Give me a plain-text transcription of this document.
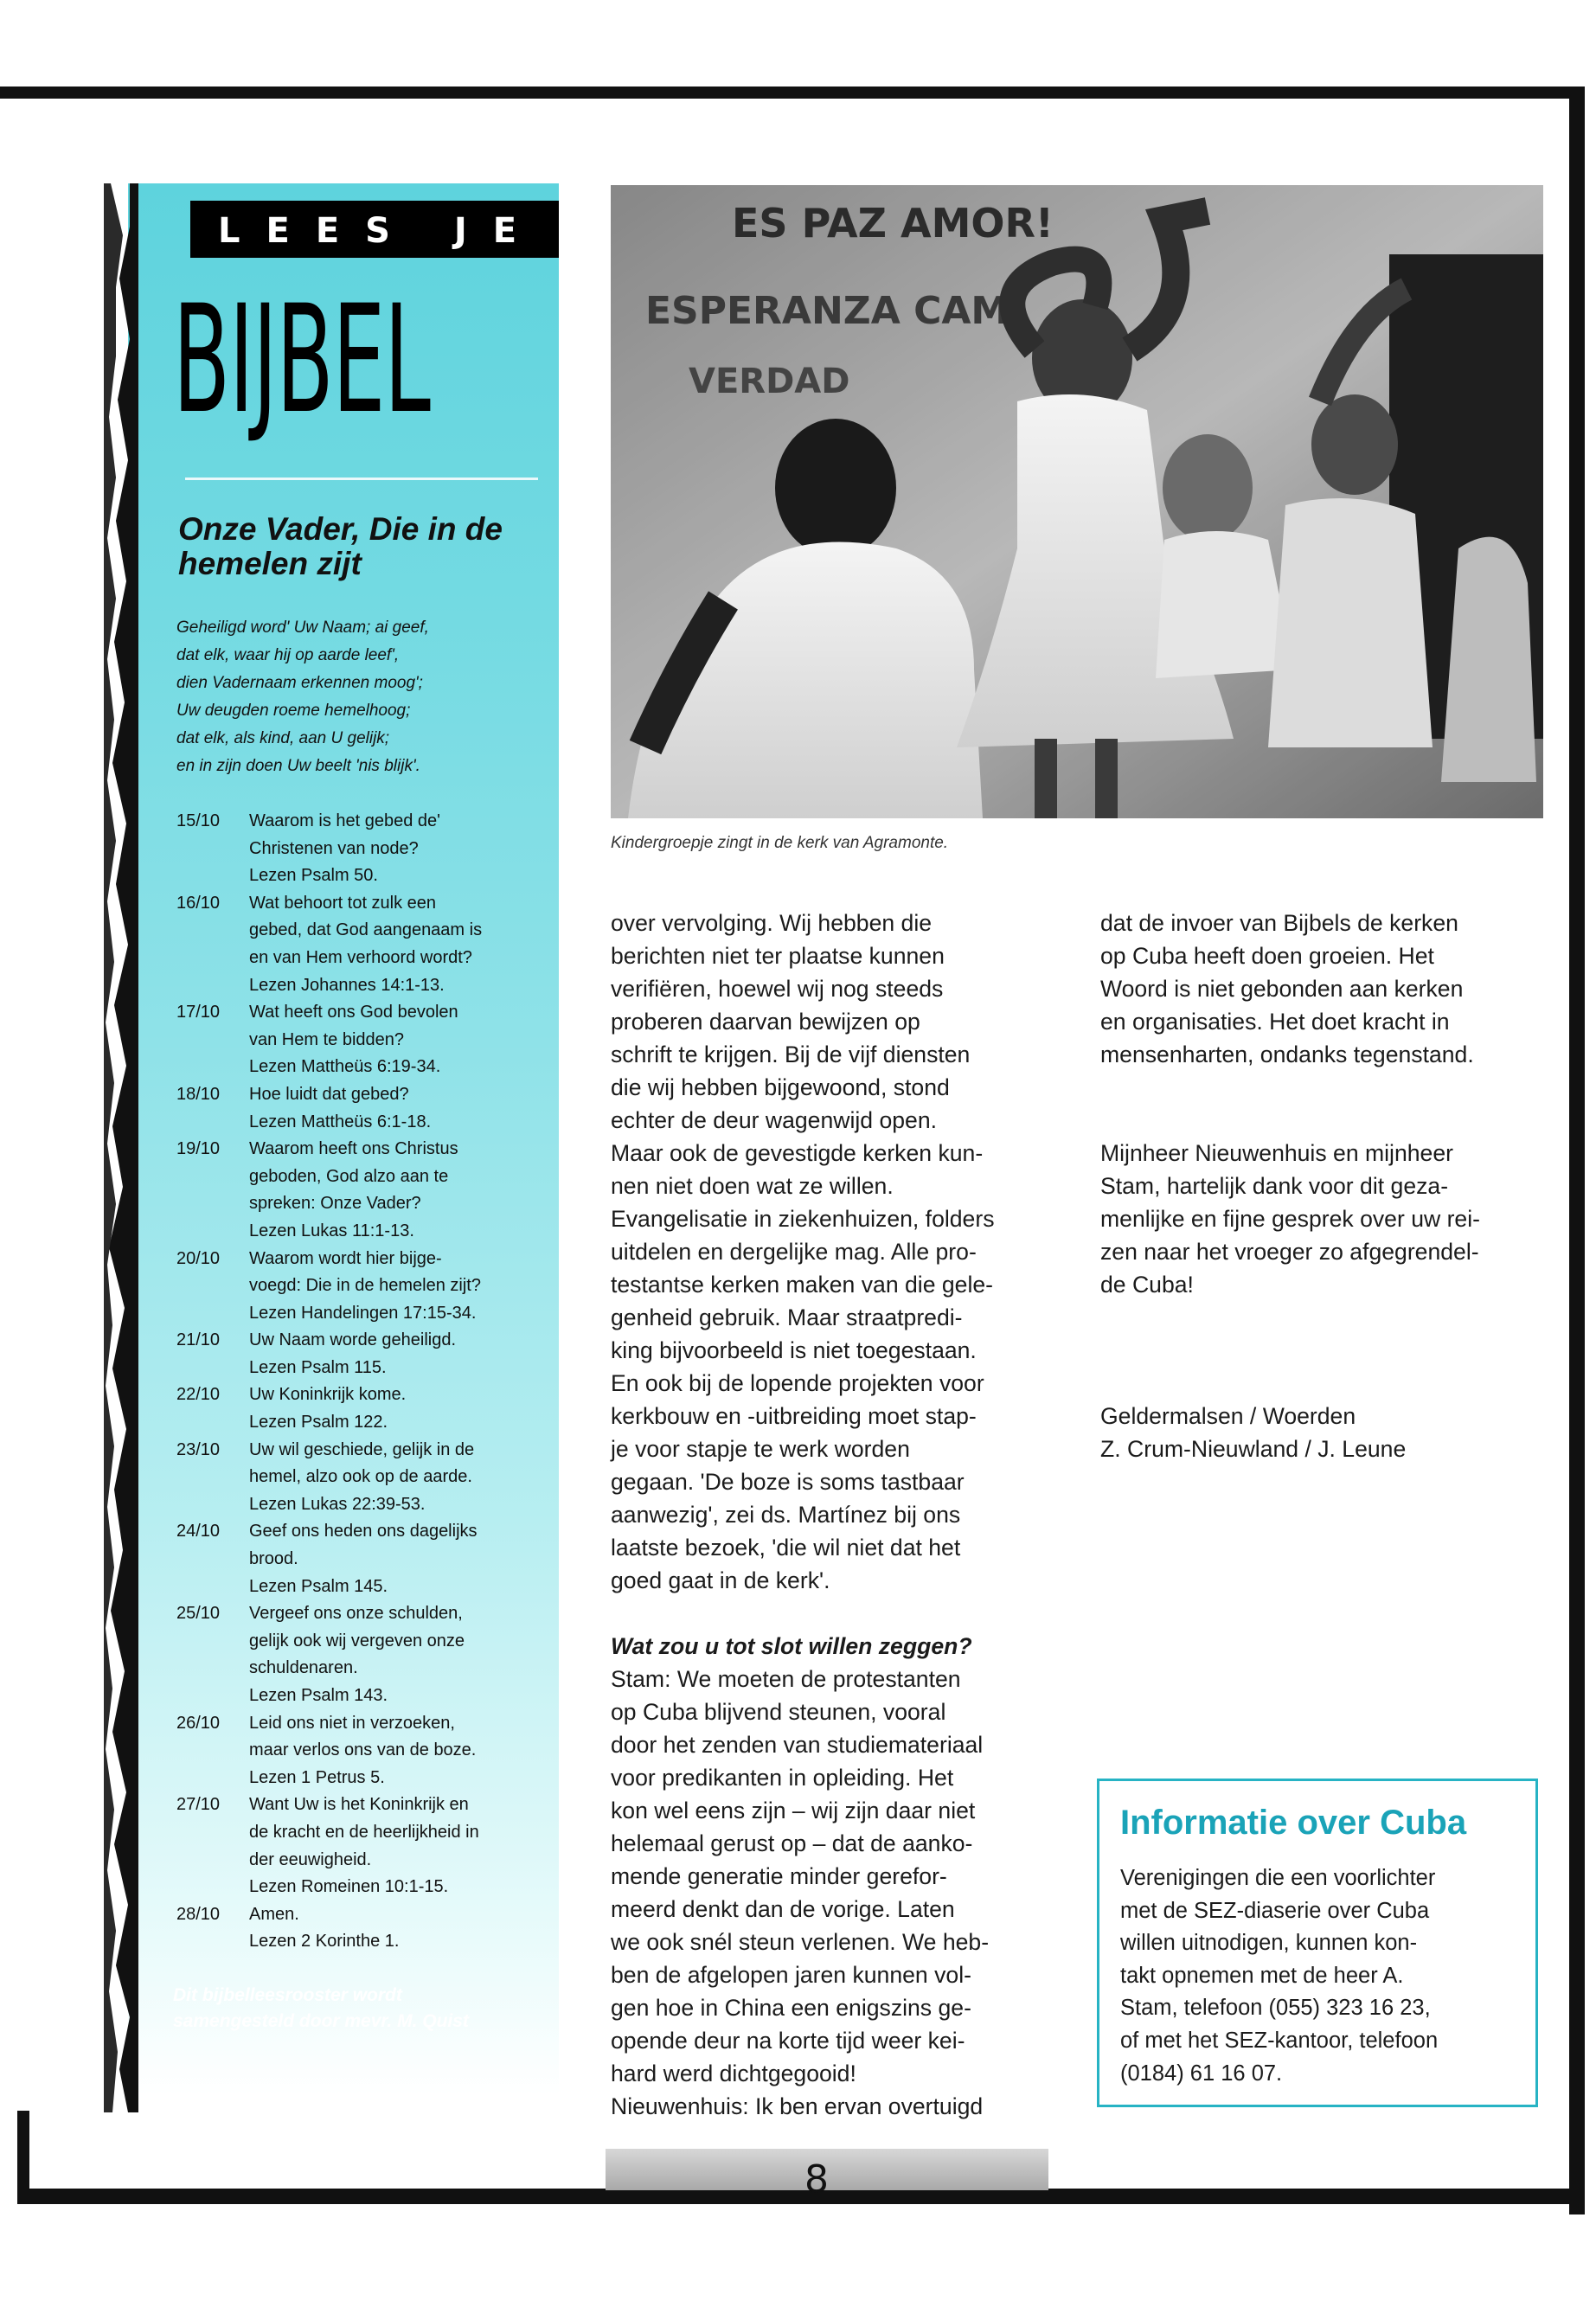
LEES JE
BIJBEL
Onze Vader, Die in de hemelen zijt
Geheiligd word' Uw Naam; ai geef,
dat elk, waar hij op aarde leef',
dien Vadernaam erkennen moog';
Uw deugden roeme hemelhoog;
dat elk, als kind, aan U gelijk;
en in zijn doen Uw beelt 'nis blijk'.
15/10	Waarom is het gebed de'
Christenen van node?
Lezen Psalm 50.
16/10	Wat behoort tot zulk een
gebed, dat God aangenaam is
en van Hem verhoord wordt?
Lezen Johannes 14:1-13.
17/10	Wat heeft ons God bevolen
van Hem te bidden?
Lezen Mattheüs 6:19-34.
18/10	Hoe luidt dat gebed?
Lezen Mattheüs 6:1-18.
19/10	Waarom heeft ons Christus
geboden, God alzo aan te
spreken: Onze Vader?
Lezen Lukas 11:1-13.
20/10	Waarom wordt hier bijge-
voegd: Die in de hemelen zijt?
Lezen Handelingen 17:15-34.
21/10	Uw Naam worde geheiligd.
Lezen Psalm 115.
22/10	Uw Koninkrijk kome.
Lezen Psalm 122.
23/10	Uw wil geschiede, gelijk in de
hemel, alzo ook op de aarde.
Lezen Lukas 22:39-53.
24/10	Geef ons heden ons dagelijks
brood.
Lezen Psalm 145.
25/10	Vergeef ons onze schulden,
gelijk ook wij vergeven onze
schuldenaren.
Lezen Psalm 143.
26/10	Leid ons niet in verzoeken,
maar verlos ons van de boze.
Lezen 1 Petrus 5.
27/10	Want Uw is het Koninkrijk en
de kracht en de heerlijkheid in
der eeuwigheid.
Lezen Romeinen 10:1-15.
28/10	Amen.
Lezen 2 Korinthe 1.
Dit bijbelleesrooster wordt
samengesteld door mevr. M. Quist
ES PAZ AMOR!
ESPERANZA CAMI
VERDAD
Kindergroepje zingt in de kerk van Agramonte.
over vervolging. Wij hebben die
berichten niet ter plaatse kunnen
verifiëren, hoewel wij nog steeds
proberen daarvan bewijzen op
schrift te krijgen. Bij de vijf diensten
die wij hebben bijgewoond, stond
echter de deur wagenwijd open.
Maar ook de gevestigde kerken kun-
nen niet doen wat ze willen.
Evangelisatie in ziekenhuizen, folders
uitdelen en dergelijke mag. Alle pro-
testantse kerken maken van die gele-
genheid gebruik. Maar straatpredi-
king bijvoorbeeld is niet toegestaan.
En ook bij de lopende projekten voor
kerkbouw en -uitbreiding moet stap-
je voor stapje te werk worden
gegaan. 'De boze is soms tastbaar
aanwezig', zei ds. Martínez bij ons
laatste bezoek, 'die wil niet dat het
goed gaat in de kerk'.
Wat zou u tot slot willen zeggen?
Stam: We moeten de protestanten
op Cuba blijvend steunen, vooral
door het zenden van studiemateriaal
voor predikanten in opleiding. Het
kon wel eens zijn – wij zijn daar niet
helemaal gerust op – dat de aanko-
mende generatie minder gerefor-
meerd denkt dan de vorige. Laten
we ook snél steun verlenen. We heb-
ben de afgelopen jaren kunnen vol-
gen hoe in China een enigszins ge-
opende deur na korte tijd weer kei-
hard werd dichtgegooid!
Nieuwenhuis: Ik ben ervan overtuigd
dat de invoer van Bijbels de kerken
op Cuba heeft doen groeien. Het
Woord is niet gebonden aan kerken
en organisaties. Het doet kracht in
mensenharten, ondanks tegenstand.
Mijnheer Nieuwenhuis en mijnheer
Stam, hartelijk dank voor dit geza-
menlijke en fijne gesprek over uw rei-
zen naar het vroeger zo afgegrendel-
de Cuba!
Geldermalsen / Woerden
Z. Crum-Nieuwland / J. Leune
Informatie over Cuba
Verenigingen die een voorlichter
met de SEZ-diaserie over Cuba
willen uitnodigen, kunnen kon-
takt opnemen met de heer A.
Stam, telefoon (055) 323 16 23,
of met het SEZ-kantoor, telefoon
(0184) 61 16 07.
8
